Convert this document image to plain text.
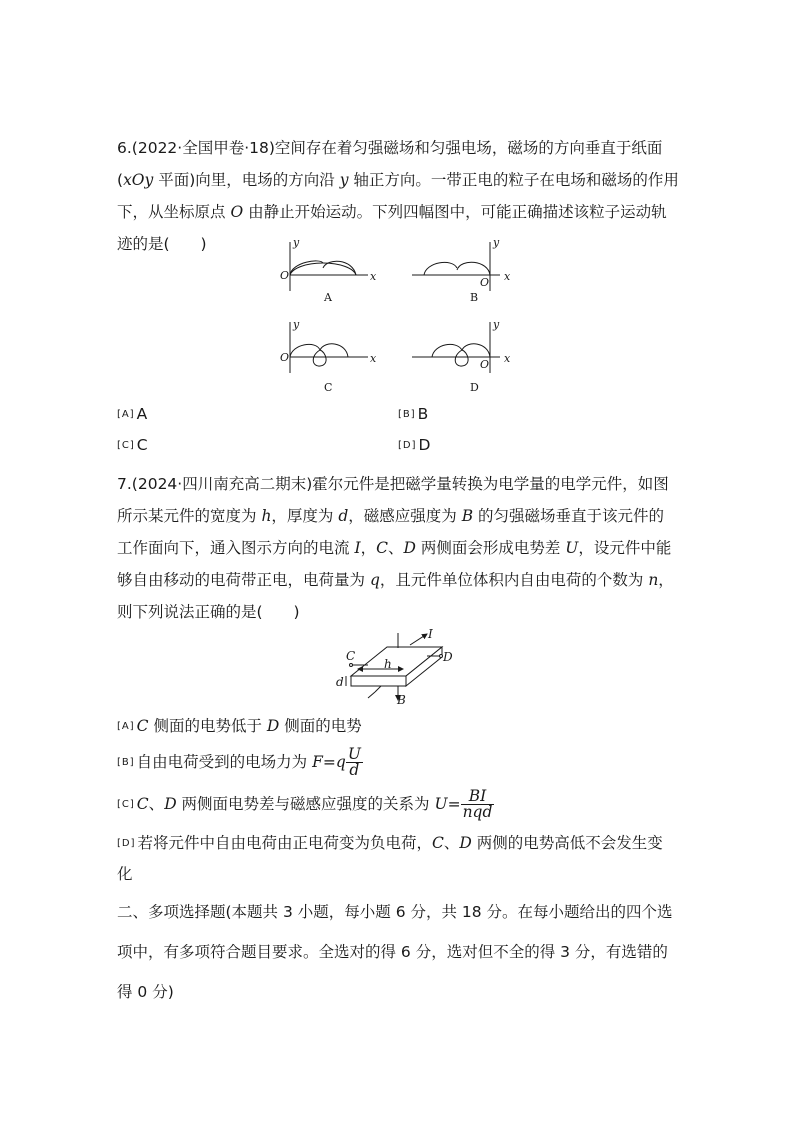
6.(2022·全国甲卷·18)空间存在着匀强磁场和匀强电场，磁场的方向垂直于纸面
(xOy 平面)向里，电场的方向沿 y 轴正方向。一带正电的粒子在电场和磁场的作用
下，从坐标原点 O 由静止开始运动。下列四幅图中，可能正确描述该粒子运动轨
迹的是(　　)
x
y
O
A
x
y
O
B
x
y
O
C
x
y
O
D
[A] A	[B] B
[C] C	[D] D
7.(2024·四川南充高二期末)霍尔元件是把磁学量转换为电学量的电学元件，如图
所示某元件的宽度为 h，厚度为 d，磁感应强度为 B 的匀强磁场垂直于该元件的
工作面向下，通入图示方向的电流 I，C、D 两侧面会形成电势差 U，设元件中能
够自由移动的电荷带正电，电荷量为 q，且元件单位体积内自由电荷的个数为 n，
则下列说法正确的是(　　)
C	D
I
h
d
B
[A] C 侧面的电势低于 D 侧面的电势
[B] 自由电荷受到的电场力为 $F=q \frac{U}{d}$
[C] C、D 两侧面电势差与磁感应强度的关系为 $U= \frac{BI}{\text{nqd}}$
[D] 若将元件中自由电荷由正电荷变为负电荷，C、D 两侧的电势高低不会发生变
化
二、多项选择题(本题共 3 小题，每小题 6 分，共 18 分。在每小题给出的四个选
项中，有多项符合题目要求。全选对的得 6 分，选对但不全的得 3 分，有选错的
得 0 分)
